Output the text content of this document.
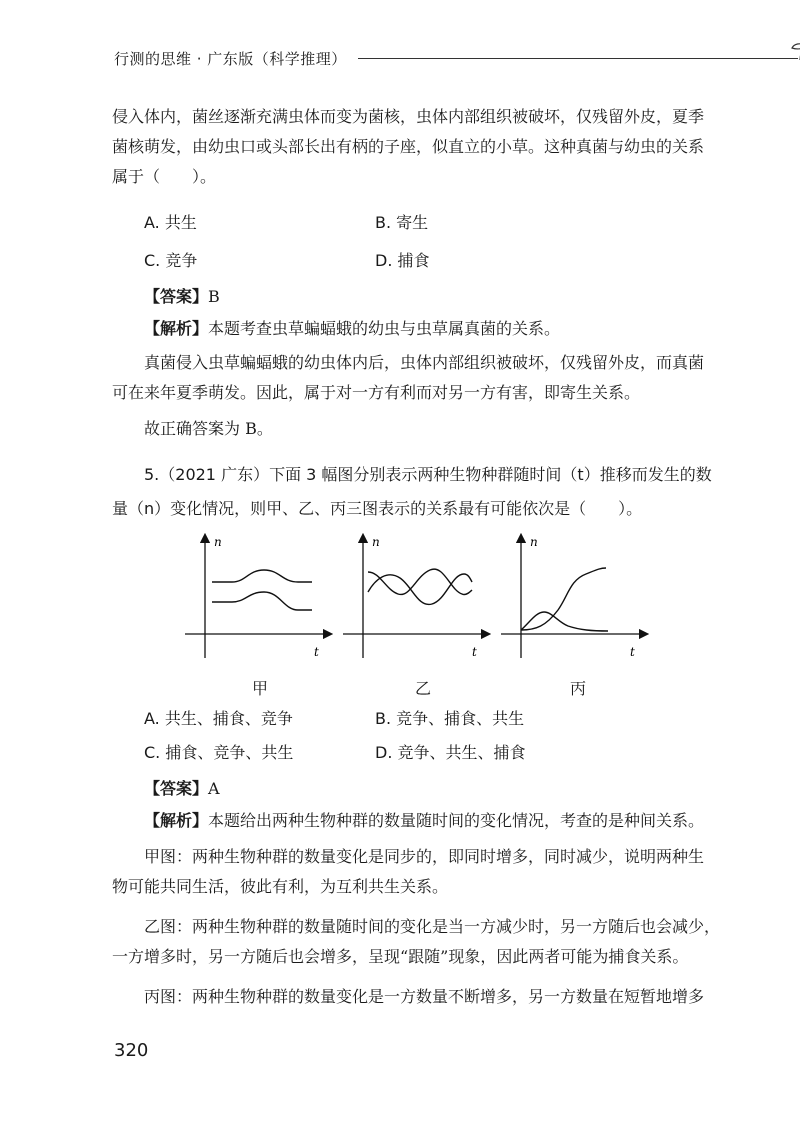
行测的思维 · 广东版（科学推理）

侵入体内，菌丝逐渐充满虫体而变为菌核，虫体内部组织被破坏，仅残留外皮，夏季

菌核萌发，由幼虫口或头部长出有柄的子座，似直立的小草。这种真菌与幼虫的关系

属于（　　）。

A. 共生	B. 寄生
C. 竞争	D. 捕食

【答案】B

【解析】本题考查虫草蝙蝠蛾的幼虫与虫草属真菌的关系。

真菌侵入虫草蝙蝠蛾的幼虫体内后，虫体内部组织被破坏，仅残留外皮，而真菌

可在来年夏季萌发。因此，属于对一方有利而对另一方有害，即寄生关系。

故正确答案为 B。

5.（2021 广东）下面 3 幅图分别表示两种生物种群随时间（t）推移而发生的数

量（n）变化情况，则甲、乙、丙三图表示的关系最有可能依次是（　　）。

n
t
n
t
n
t
甲	乙	丙
A. 共生、捕食、竞争	B. 竞争、捕食、共生
C. 捕食、竞争、共生	D. 竞争、共生、捕食

【答案】A

【解析】本题给出两种生物种群的数量随时间的变化情况，考查的是种间关系。

甲图：两种生物种群的数量变化是同步的，即同时增多，同时减少，说明两种生

物可能共同生活，彼此有利，为互利共生关系。

乙图：两种生物种群的数量随时间的变化是当一方减少时，另一方随后也会减少，

一方增多时，另一方随后也会增多，呈现“跟随”现象，因此两者可能为捕食关系。

丙图：两种生物种群的数量变化是一方数量不断增多，另一方数量在短暂地增多

320
